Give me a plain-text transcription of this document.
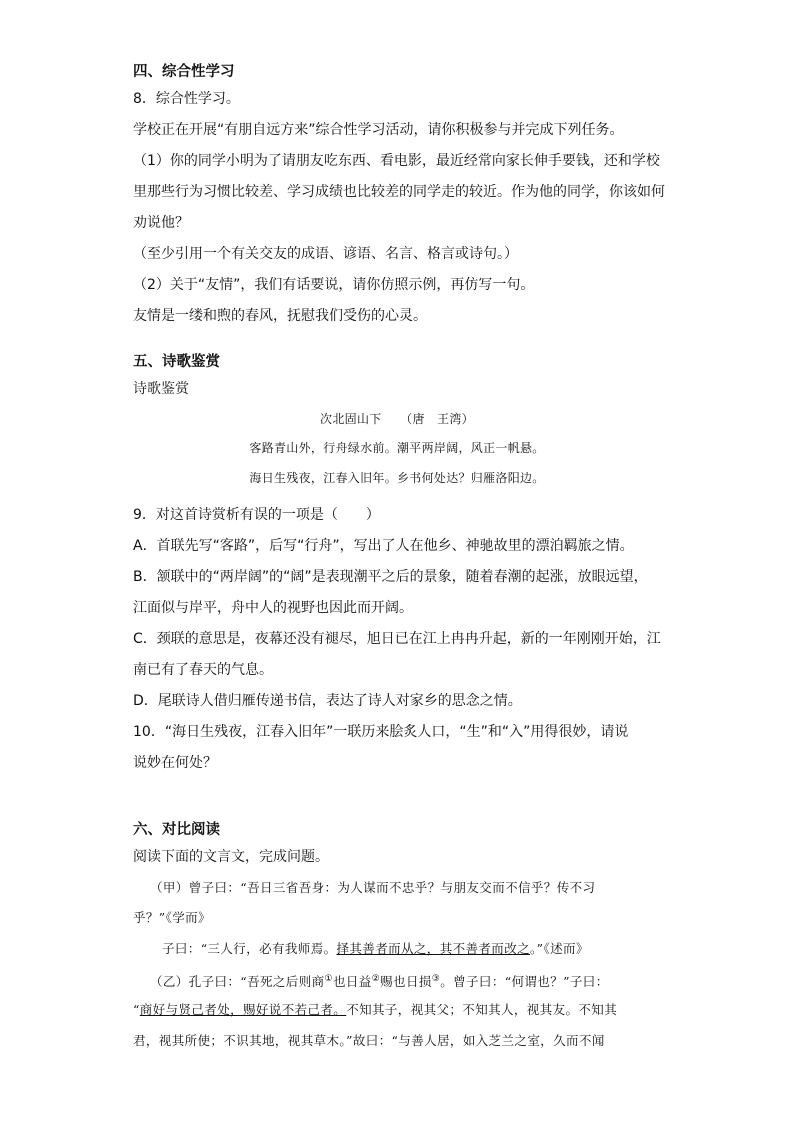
四、综合性学习
8．综合性学习。
学校正在开展“有朋自远方来”综合性学习活动，请你积极参与并完成下列任务。
（1）你的同学小明为了请朋友吃东西、看电影，最近经常向家长伸手要钱，还和学校
里那些行为习惯比较差、学习成绩也比较差的同学走的较近。作为他的同学，你该如何
劝说他？
（至少引用一个有关交友的成语、谚语、名言、格言或诗句。）
（2）关于“友情”，我们有话要说，请你仿照示例，再仿写一句。
友情是一缕和煦的春风，抚慰我们受伤的心灵。
五、诗歌鉴赏
诗歌鉴赏
次北固山下　　（唐　王湾）
客路青山外，行舟绿水前。潮平两岸阔，风正一帆悬。
海日生残夜，江春入旧年。乡书何处达？归雁洛阳边。
9．对这首诗赏析有误的一项是（　　）
A．首联先写“客路”，后写“行舟”，写出了人在他乡、神驰故里的漂泊羁旅之情。
B．颔联中的“两岸阔”的“阔”是表现潮平之后的景象，随着春潮的起涨，放眼远望，
江面似与岸平，舟中人的视野也因此而开阔。
C．颈联的意思是，夜幕还没有褪尽，旭日已在江上冉冉升起，新的一年刚刚开始，江
南已有了春天的气息。
D．尾联诗人借归雁传递书信，表达了诗人对家乡的思念之情。
10．“海日生残夜，江春入旧年”一联历来脍炙人口，“生”和“入”用得很妙，请说
说妙在何处？
六、对比阅读
阅读下面的文言文，完成问题。
（甲）曾子曰：“吾日三省吾身：为人谋而不忠乎？与朋友交而不信乎？传不习
乎？”《学而》
子曰：“三人行，必有我师焉。择其善者而从之，其不善者而改之。”《述而》
（乙）孔子曰：“吾死之后则商①也日益②赐也日损③。曾子曰：“何谓也？”子曰：
“商好与贤己者处，赐好说不若己者。不知其子，视其父；不知其人，视其友。不知其
君，视其所使；不识其地，视其草木。”故曰：“与善人居，如入芝兰之室，久而不闻
